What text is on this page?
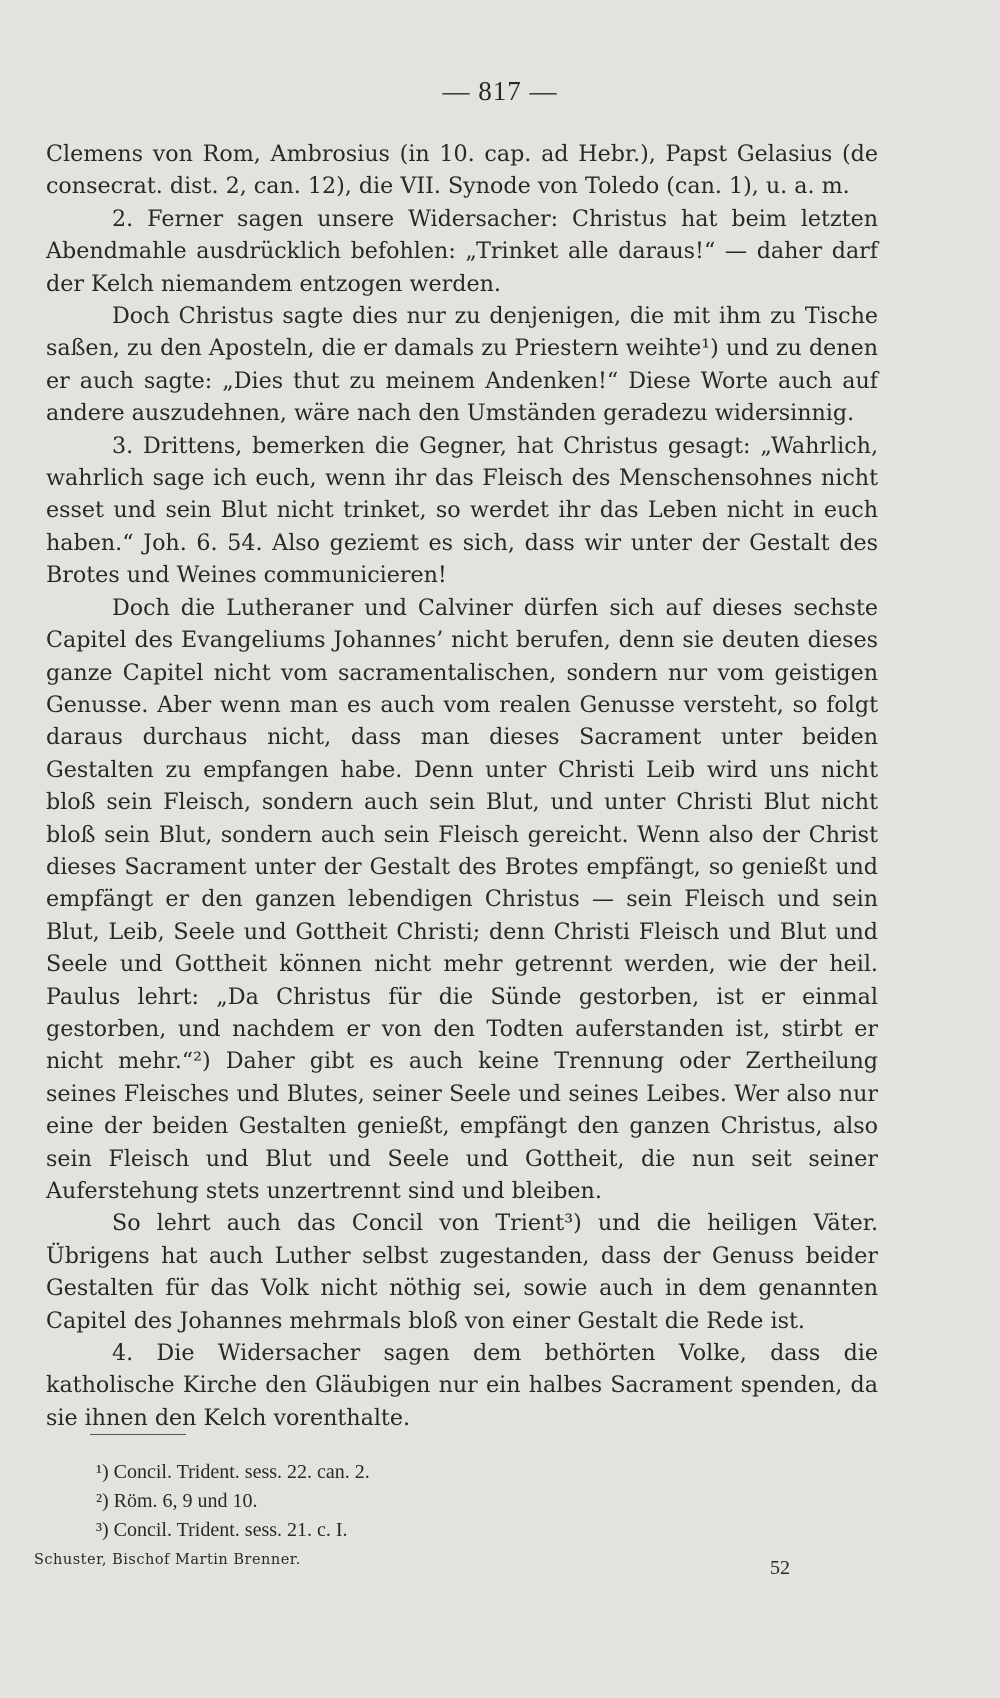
— 817 —

Clemens von Rom, Ambrosius (in 10. cap. ad Hebr.), Papst Gelasius (de consecrat. dist. 2, can. 12), die VII. Synode von Toledo (can. 1), u. a. m.

2. Ferner sagen unsere Widersacher: Christus hat beim letzten Abendmahle ausdrücklich befohlen: „Trinket alle daraus!“ — daher darf der Kelch niemandem entzogen werden.

Doch Christus sagte dies nur zu denjenigen, die mit ihm zu Tische saßen, zu den Aposteln, die er damals zu Priestern weihte¹) und zu denen er auch sagte: „Dies thut zu meinem Andenken!“ Diese Worte auch auf andere auszudehnen, wäre nach den Umständen geradezu widersinnig.

3. Drittens, bemerken die Gegner, hat Christus gesagt: „Wahrlich, wahrlich sage ich euch, wenn ihr das Fleisch des Menschensohnes nicht esset und sein Blut nicht trinket, so werdet ihr das Leben nicht in euch haben.“ Joh. 6. 54. Also geziemt es sich, dass wir unter der Gestalt des Brotes und Weines communicieren!

Doch die Lutheraner und Calviner dürfen sich auf dieses sechste Capitel des Evangeliums Johannes’ nicht berufen, denn sie deuten dieses ganze Capitel nicht vom sacramentalischen, sondern nur vom geistigen Genusse. Aber wenn man es auch vom realen Genusse versteht, so folgt daraus durchaus nicht, dass man dieses Sacrament unter beiden Gestalten zu empfangen habe. Denn unter Christi Leib wird uns nicht bloß sein Fleisch, sondern auch sein Blut, und unter Christi Blut nicht bloß sein Blut, sondern auch sein Fleisch gereicht. Wenn also der Christ dieses Sacrament unter der Gestalt des Brotes empfängt, so genießt und empfängt er den ganzen lebendigen Christus — sein Fleisch und sein Blut, Leib, Seele und Gottheit Christi; denn Christi Fleisch und Blut und Seele und Gottheit können nicht mehr getrennt werden, wie der heil. Paulus lehrt: „Da Christus für die Sünde gestorben, ist er einmal gestorben, und nachdem er von den Todten auferstanden ist, stirbt er nicht mehr.“²) Daher gibt es auch keine Trennung oder Zertheilung seines Fleisches und Blutes, seiner Seele und seines Leibes. Wer also nur eine der beiden Gestalten genießt, empfängt den ganzen Christus, also sein Fleisch und Blut und Seele und Gottheit, die nun seit seiner Auferstehung stets unzertrennt sind und bleiben.

So lehrt auch das Concil von Trient³) und die heiligen Väter. Übrigens hat auch Luther selbst zugestanden, dass der Genuss beider Gestalten für das Volk nicht nöthig sei, sowie auch in dem genannten Capitel des Johannes mehrmals bloß von einer Gestalt die Rede ist.

4. Die Widersacher sagen dem bethörten Volke, dass die katholische Kirche den Gläubigen nur ein halbes Sacrament spenden, da sie ihnen den Kelch vorenthalte.

¹) Concil. Trident. sess. 22. can. 2.
²) Röm. 6, 9 und 10.
³) Concil. Trident. sess. 21. c. I.
Schuster, Bischof Martin Brenner.	52
